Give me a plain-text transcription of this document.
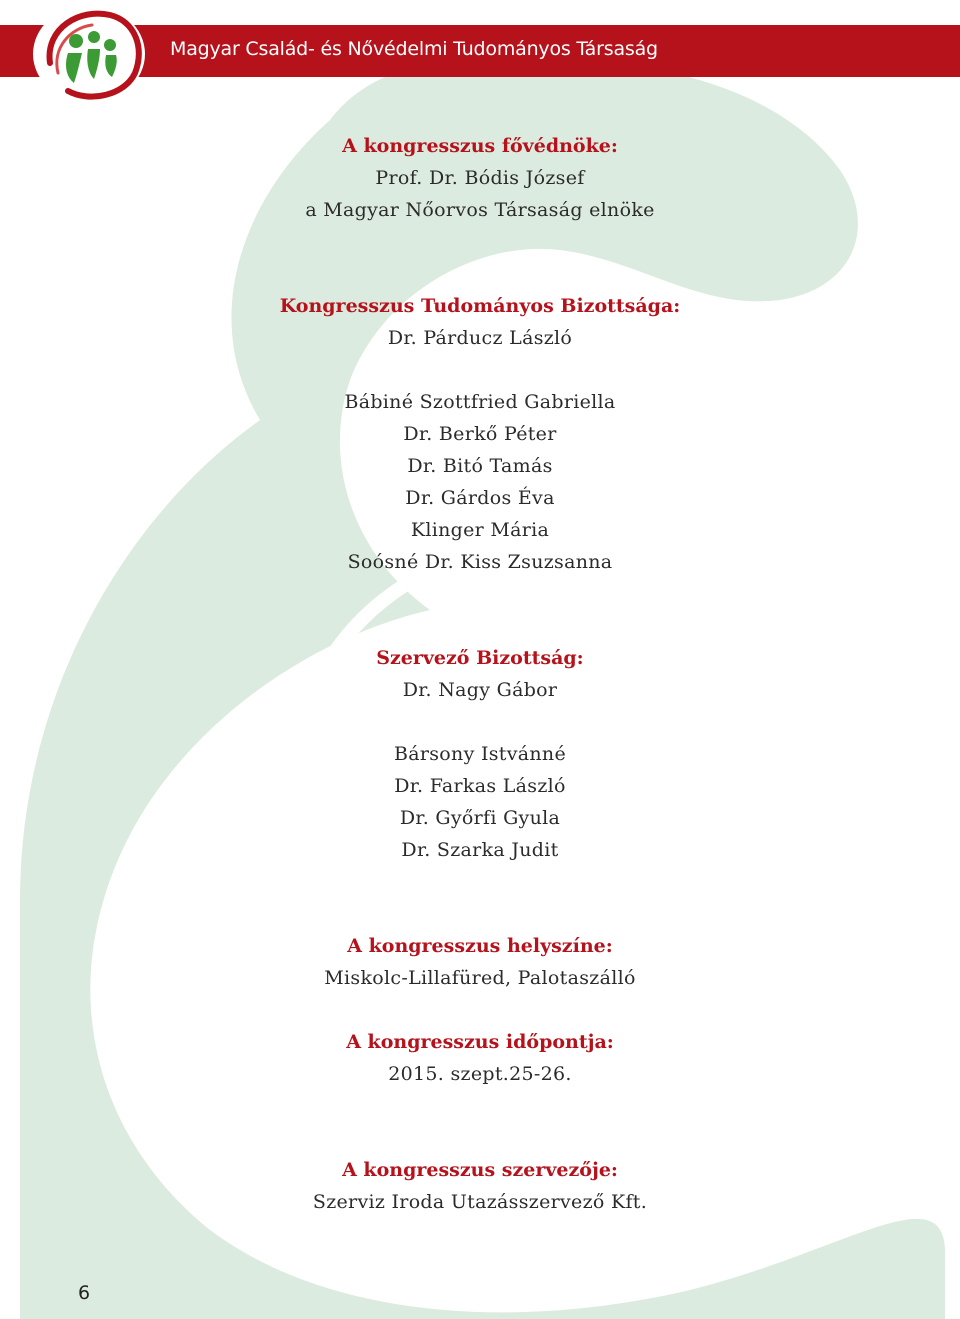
Magyar Család- és Nővédelmi Tudományos Társaság

A kongresszus fővédnöke:

Prof. Dr. Bódis József

a Magyar Nőorvos Társaság elnöke

Kongresszus Tudományos Bizottsága:

Dr. Párducz László

Bábiné Szottfried Gabriella

Dr. Berkő Péter

Dr. Bitó Tamás

Dr. Gárdos Éva

Klinger Mária

Soósné Dr. Kiss Zsuzsanna

Szervező Bizottság:

Dr. Nagy Gábor

Bársony Istvánné

Dr. Farkas László

Dr. Győrfi Gyula

Dr. Szarka Judit

A kongresszus helyszíne:

Miskolc-Lillafüred, Palotaszálló

A kongresszus időpontja:

2015. szept.25-26.

A kongresszus szervezője:

Szerviz Iroda Utazásszervező Kft.

6
